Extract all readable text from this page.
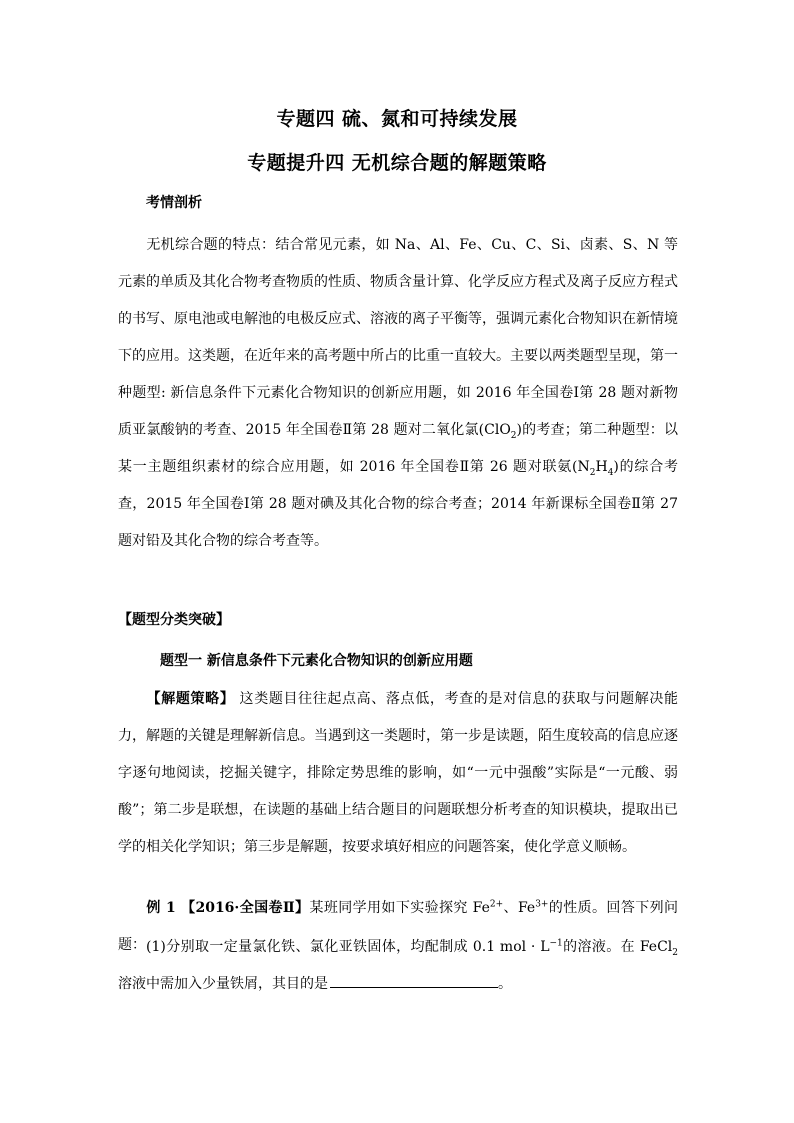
专题四 硫、氮和可持续发展
专题提升四 无机综合题的解题策略
考情剖析
无机综合题的特点：结合常见元素，如 Na、Al、Fe、Cu、C、Si、卤素、S、N 等元素的单质及其化合物考查物质的性质、物质含量计算、化学反应方程式及离子反应方程式的书写、原电池或电解池的电极反应式、溶液的离子平衡等，强调元素化合物知识在新情境下的应用。这类题，在近年来的高考题中所占的比重一直较大。主要以两类题型呈现，第一种题型: 新信息条件下元素化合物知识的创新应用题，如 2016 年全国卷Ⅰ第 28 题对新物质亚氯酸钠的考查、2015 年全国卷Ⅱ第 28 题对二氧化氯(ClO$_2$)的考查；第二种题型：以某一主题组织素材的综合应用题，如 2016 年全国卷Ⅱ第 26 题对联氨$(N_2H_4)$的综合考查，2015 年全国卷Ⅰ第 28 题对碘及其化合物的综合考查；2014 年新课标全国卷Ⅱ第 27 题对铅及其化合物的综合考查等。
【题型分类突破】
题型一 新信息条件下元素化合物知识的创新应用题
【解题策略】 这类题目往往起点高、落点低，考查的是对信息的获取与问题解决能力，解题的关键是理解新信息。当遇到这一类题时，第一步是读题，陌生度较高的信息应逐字逐句地阅读，挖掘关键字，排除定势思维的影响，如“一元中强酸”实际是“一元酸、弱酸”；第二步是联想，在读题的基础上结合题目的问题联想分析考查的知识模块，提取出已学的相关化学知识；第三步是解题，按要求填好相应的问题答案，使化学意义顺畅。
例 1 【2016·全国卷Ⅱ】某班同学用如下实验探究 $Fe^{2+}$、$Fe^{3+}$的性质。回答下列问题： (1)分别取一定量氯化铁、氯化亚铁固体，均配制成 0.1 mol · $L^{-1}$的溶液。在 FeCl$_2$溶液中需加入少量铁屑，其目的是	。
